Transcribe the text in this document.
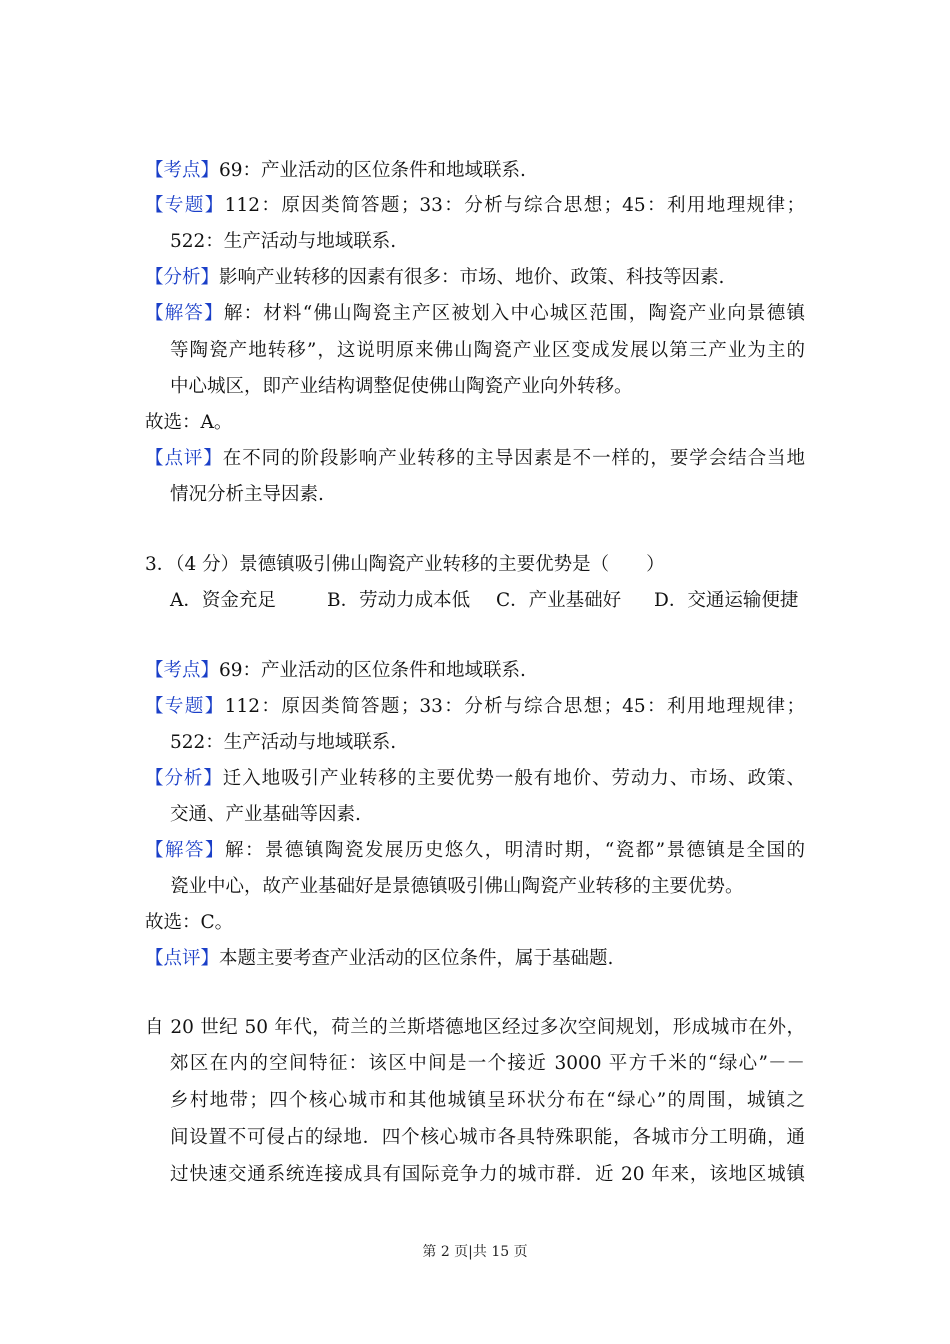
【考点】69：产业活动的区位条件和地域联系.
【专题】112：原因类简答题；33：分析与综合思想；45：利用地理规律；
522：生产活动与地域联系.
【分析】影响产业转移的因素有很多：市场、地价、政策、科技等因素.
【解答】解：材料“佛山陶瓷主产区被划入中心城区范围，陶瓷产业向景德镇
等陶瓷产地转移”，这说明原来佛山陶瓷产业区变成发展以第三产业为主的
中心城区，即产业结构调整促使佛山陶瓷产业向外转移。
故选：A。
【点评】在不同的阶段影响产业转移的主导因素是不一样的，要学会结合当地
情况分析主导因素.
3．（4 分）景德镇吸引佛山陶瓷产业转移的主要优势是（　　）
A．资金充足	B．劳动力成本低 C．产业基础好 D．交通运输便捷
【考点】69：产业活动的区位条件和地域联系.
【专题】112：原因类简答题；33：分析与综合思想；45：利用地理规律；
522：生产活动与地域联系.
【分析】迁入地吸引产业转移的主要优势一般有地价、劳动力、市场、政策、
交通、产业基础等因素.
【解答】解：景德镇陶瓷发展历史悠久，明清时期，“瓷都”景德镇是全国的
瓷业中心，故产业基础好是景德镇吸引佛山陶瓷产业转移的主要优势。
故选：C。
【点评】本题主要考查产业活动的区位条件，属于基础题.
自 20 世纪 50 年代，荷兰的兰斯塔德地区经过多次空间规划，形成城市在外，
郊区在内的空间特征：该区中间是一个接近 3000 平方千米的“绿心”－－
乡村地带；四个核心城市和其他城镇呈环状分布在“绿心”的周围，城镇之
间设置不可侵占的绿地．四个核心城市各具特殊职能，各城市分工明确，通
过快速交通系统连接成具有国际竞争力的城市群．近 20 年来，该地区城镇
第 2 页|共 15 页
